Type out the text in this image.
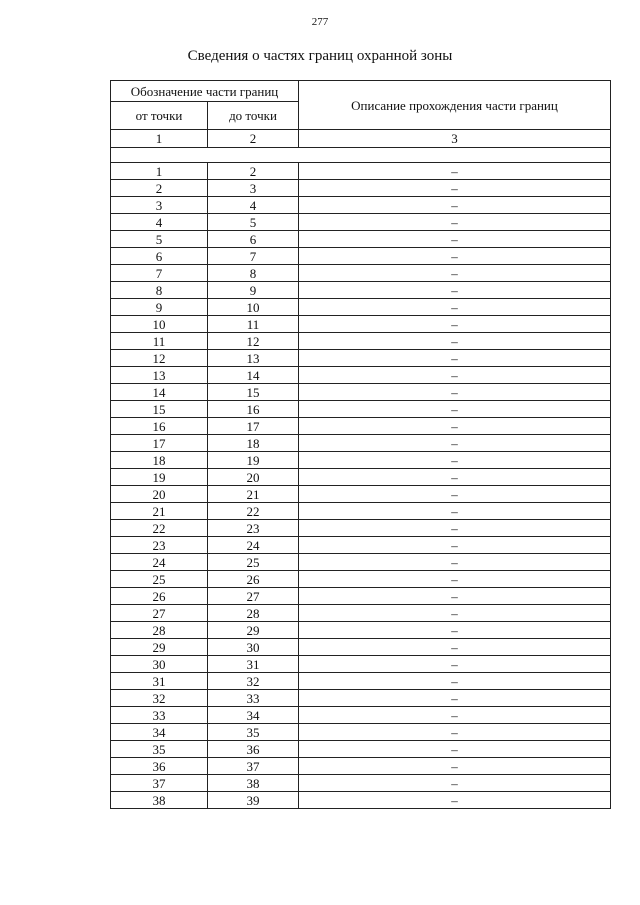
277
Сведения о частях границ охранной зоны
Обозначение части границ		Описание прохождения части границ
от точки	до точки	
1	2	3

1	2	–
2	3	–
3	4	–
4	5	–
5	6	–
6	7	–
7	8	–
8	9	–
9	10	–
10	11	–
11	12	–
12	13	–
13	14	–
14	15	–
15	16	–
16	17	–
17	18	–
18	19	–
19	20	–
20	21	–
21	22	–
22	23	–
23	24	–
24	25	–
25	26	–
26	27	–
27	28	–
28	29	–
29	30	–
30	31	–
31	32	–
32	33	–
33	34	–
34	35	–
35	36	–
36	37	–
37	38	–
38	39	–
